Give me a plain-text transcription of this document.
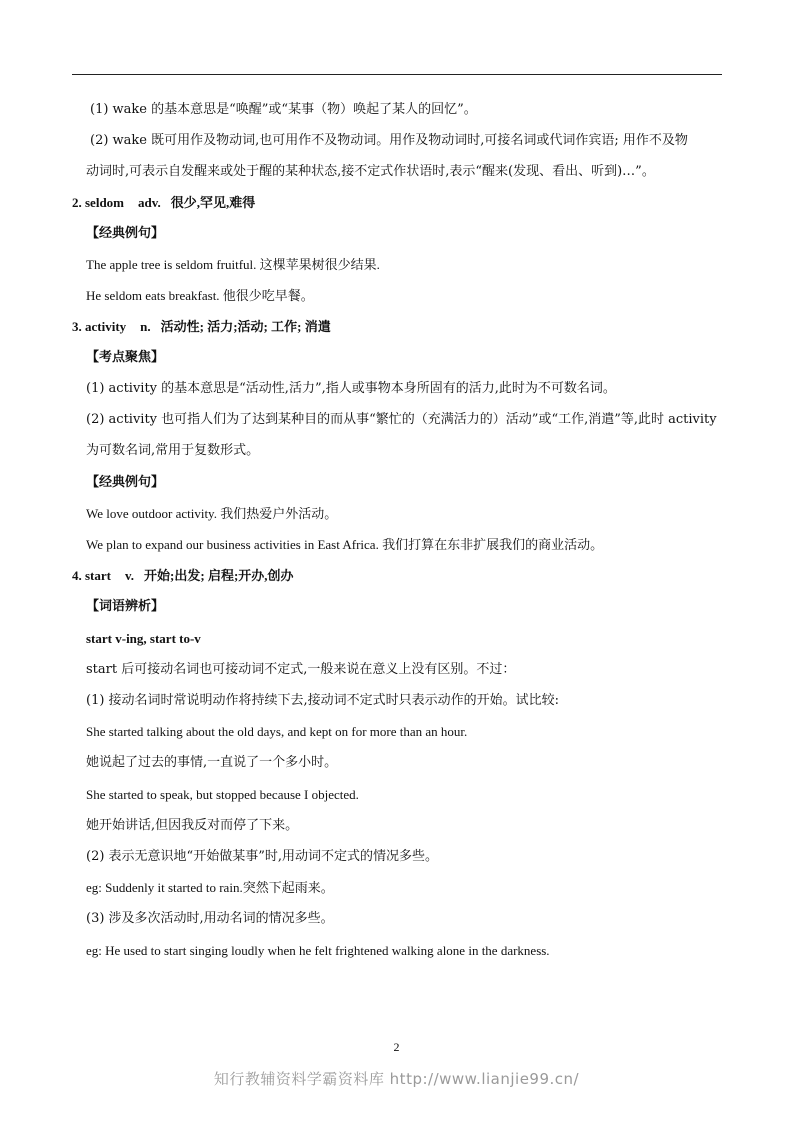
2. seldom adv. 很少,罕见,难得
3. activity n. 活动性; 活力;活动; 工作; 消遣
4. start v. 开始;出发; 启程;开办,创办
(1) wake 的基本意思是“唤醒”或“某事（物）唤起了某人的回忆”。
(2) wake 既可用作及物动词,也可用作不及物动词。用作及物动词时,可接名词或代词作宾语; 用作不及物
动词时,可表示自发醒来或处于醒的某种状态,接不定式作状语时,表示“醒来(发现、看出、听到)…”。
【经典例句】
The apple tree is seldom fruitful. 这棵苹果树很少结果.
He seldom eats breakfast. 他很少吃早餐。
【考点聚焦】
(1) activity 的基本意思是“活动性,活力”,指人或事物本身所固有的活力,此时为不可数名词。
(2) activity 也可指人们为了达到某种目的而从事“繁忙的（充满活力的）活动”或“工作,消遣”等,此时 activity
为可数名词,常用于复数形式。
【经典例句】
We love outdoor activity. 我们热爱户外活动。
We plan to expand our business activities in East Africa. 我们打算在东非扩展我们的商业活动。
【词语辨析】
start v-ing, start to-v
start 后可接动名词也可接动词不定式,一般来说在意义上没有区别。不过：
(1) 接动名词时常说明动作将持续下去,接动词不定式时只表示动作的开始。试比较:
She started talking about the old days, and kept on for more than an hour.
她说起了过去的事情,一直说了一个多小时。
She started to speak, but stopped because I objected.
她开始讲话,但因我反对而停了下来。
(2) 表示无意识地“开始做某事”时,用动词不定式的情况多些。
eg: Suddenly it started to rain.突然下起雨来。
(3) 涉及多次活动时,用动名词的情况多些。
eg: He used to start singing loudly when he felt frightened walking alone in the darkness.
2
知行教辅资料学霸资料库 http://www.lianjie99.cn/
